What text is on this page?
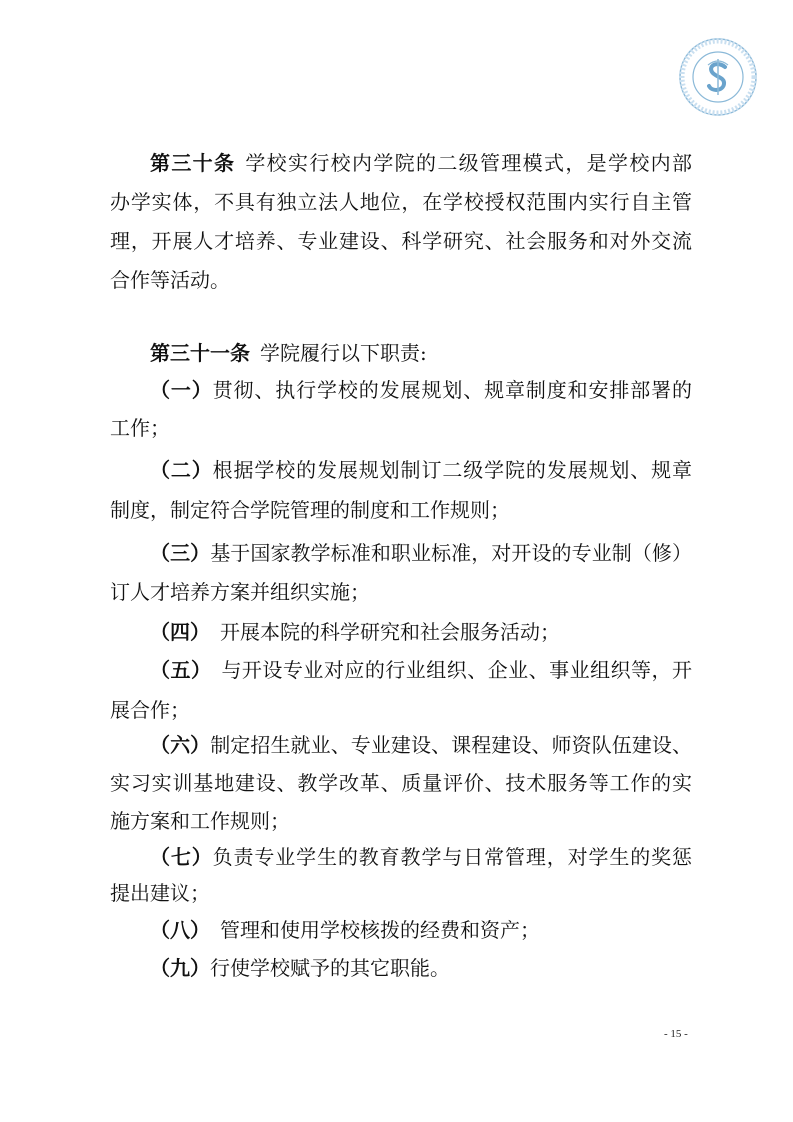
第三十条 学校实行校内学院的二级管理模式，是学校内部
办学实体，不具有独立法人地位，在学校授权范围内实行自主管
理，开展人才培养、专业建设、科学研究、社会服务和对外交流
合作等活动。
第三十一条 学院履行以下职责:
（一）贯彻、执行学校的发展规划、规章制度和安排部署的
工作；
（二）根据学校的发展规划制订二级学院的发展规划、规章
制度，制定符合学院管理的制度和工作规则；
（三）基于国家教学标准和职业标准，对开设的专业制（修）
订人才培养方案并组织实施；
（四） 开展本院的科学研究和社会服务活动；
（五） 与开设专业对应的行业组织、企业、事业组织等，开
展合作；
（六）制定招生就业、专业建设、课程建设、师资队伍建设、
实习实训基地建设、教学改革、质量评价、技术服务等工作的实
施方案和工作规则；
（七）负责专业学生的教育教学与日常管理，对学生的奖惩
提出建议；
（八） 管理和使用学校核拨的经费和资产；
（九）行使学校赋予的其它职能。
- 15 -
